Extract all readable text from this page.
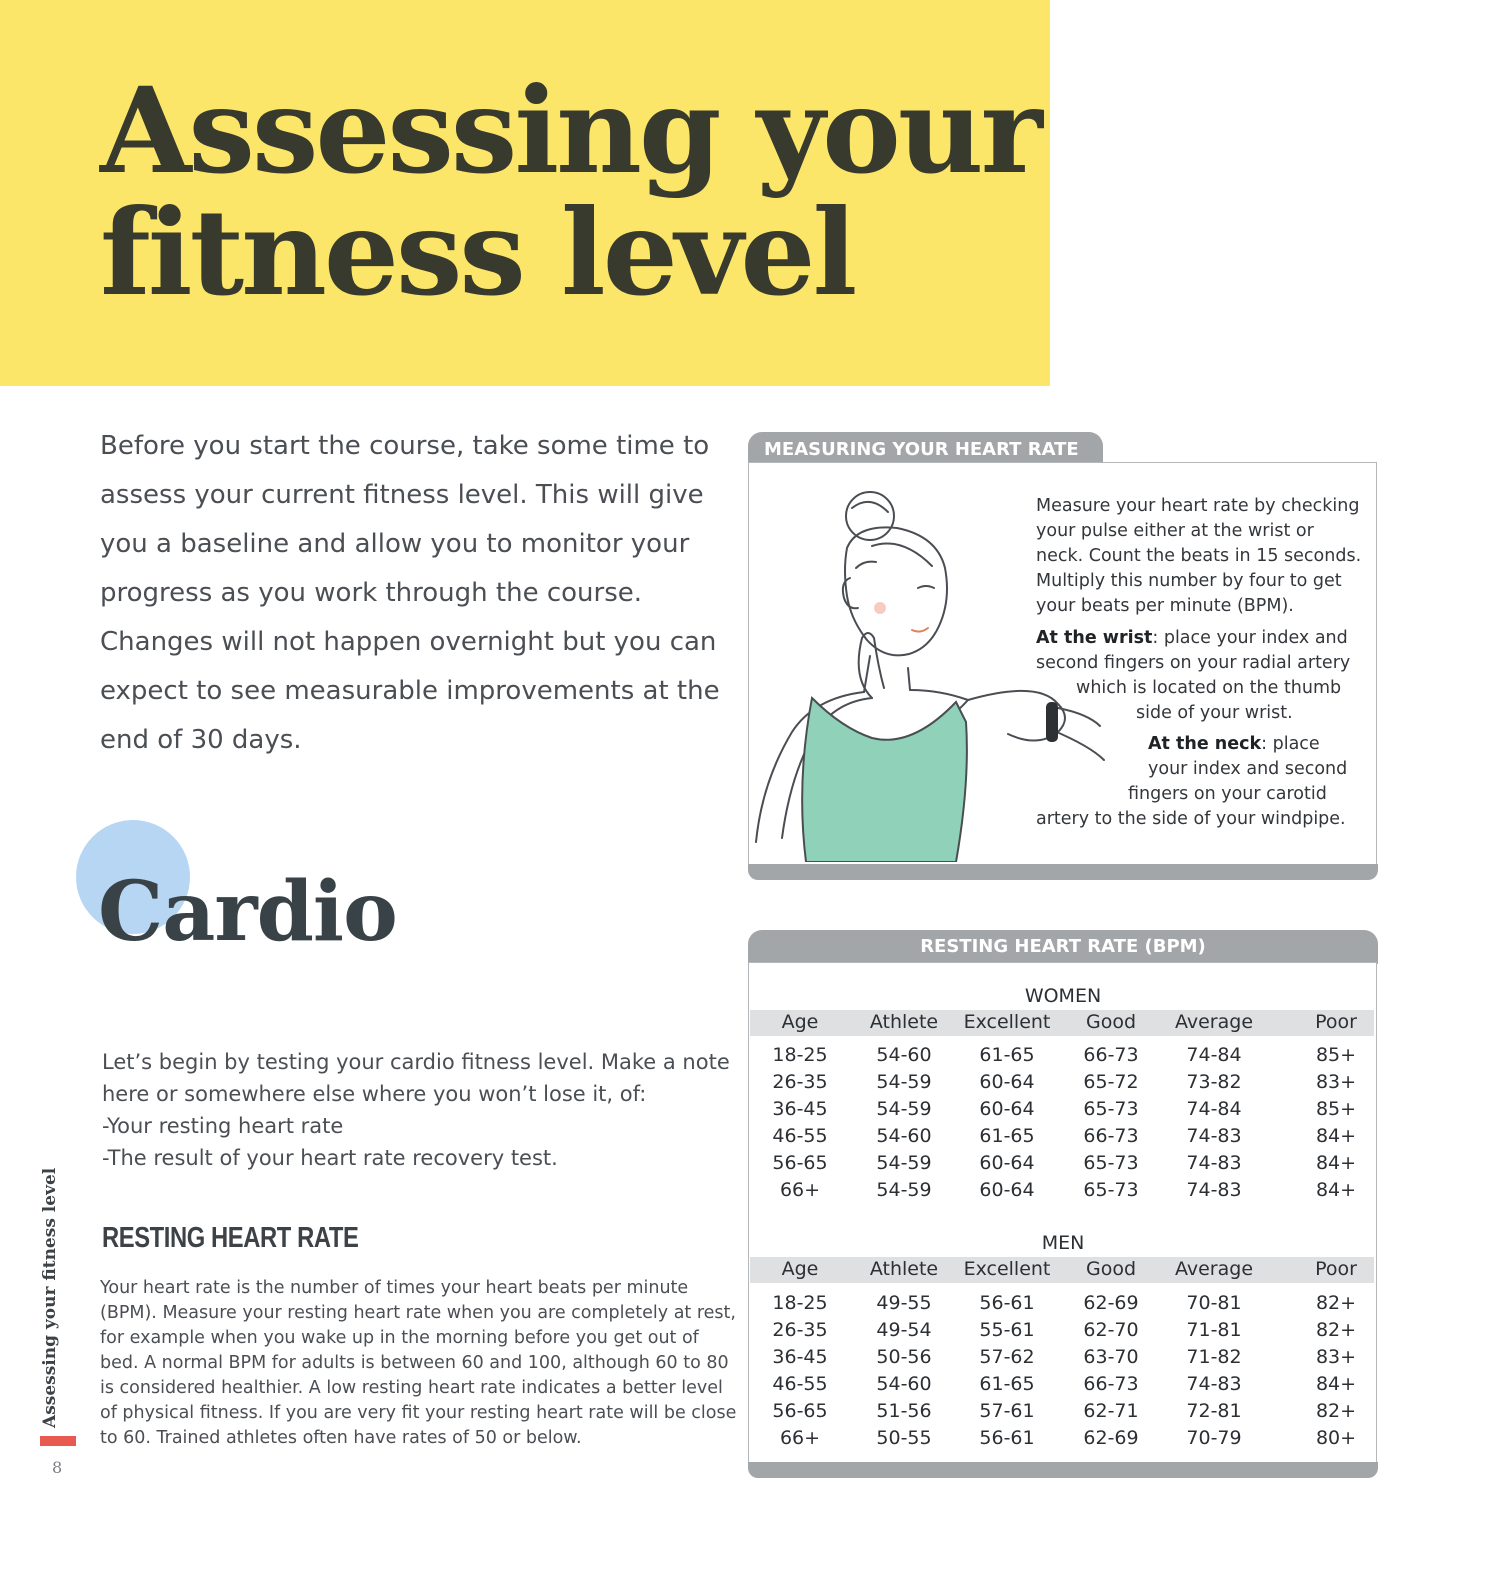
Assessing your
fitness level

Before you start the course, take some time to assess your current fitness level. This will give you a baseline and allow you to monitor your progress as you work through the course. Changes will not happen overnight but you can expect to see measurable improvements at the end of 30 days.

Cardio
Let’s begin by testing your cardio fitness level. Make a note
here or somewhere else where you won’t lose it, of:
-Your resting heart rate
-The result of your heart rate recovery test.
RESTING HEART RATE

Your heart rate is the number of times your heart beats per minute (BPM). Measure your resting heart rate when you are completely at rest, for example when you wake up in the morning before you get out of bed. A normal BPM for adults is between 60 and 100, although 60 to 80 is considered healthier. A low resting heart rate indicates a better level of physical fitness. If you are very fit your resting heart rate will be close to 60. Trained athletes often have rates of 50 or below.

Assessing your fitness level
8
MEASURING YOUR HEART RATE
Measure your heart rate by checking
your pulse either at the wrist or
neck. Count the beats in 15 seconds.
Multiply this number by four to get
your beats per minute (BPM).
At the wrist: place your index and
second fingers on your radial artery
which is located on the thumb
side of your wrist.
At the neck: place
your index and second
fingers on your carotid
artery to the side of your windpipe.
RESTING HEART RATE (BPM)
WOMEN
Age	Athlete	Excellent	Good	Average	Poor
18-25	54-60	61-65	66-73	74-84	85+
26-35	54-59	60-64	65-72	73-82	83+
36-45	54-59	60-64	65-73	74-84	85+
46-55	54-60	61-65	66-73	74-83	84+
56-65	54-59	60-64	65-73	74-83	84+
66+	54-59	60-64	65-73	74-83	84+
MEN
Age	Athlete	Excellent	Good	Average	Poor
18-25	49-55	56-61	62-69	70-81	82+
26-35	49-54	55-61	62-70	71-81	82+
36-45	50-56	57-62	63-70	71-82	83+
46-55	54-60	61-65	66-73	74-83	84+
56-65	51-56	57-61	62-71	72-81	82+
66+	50-55	56-61	62-69	70-79	80+
